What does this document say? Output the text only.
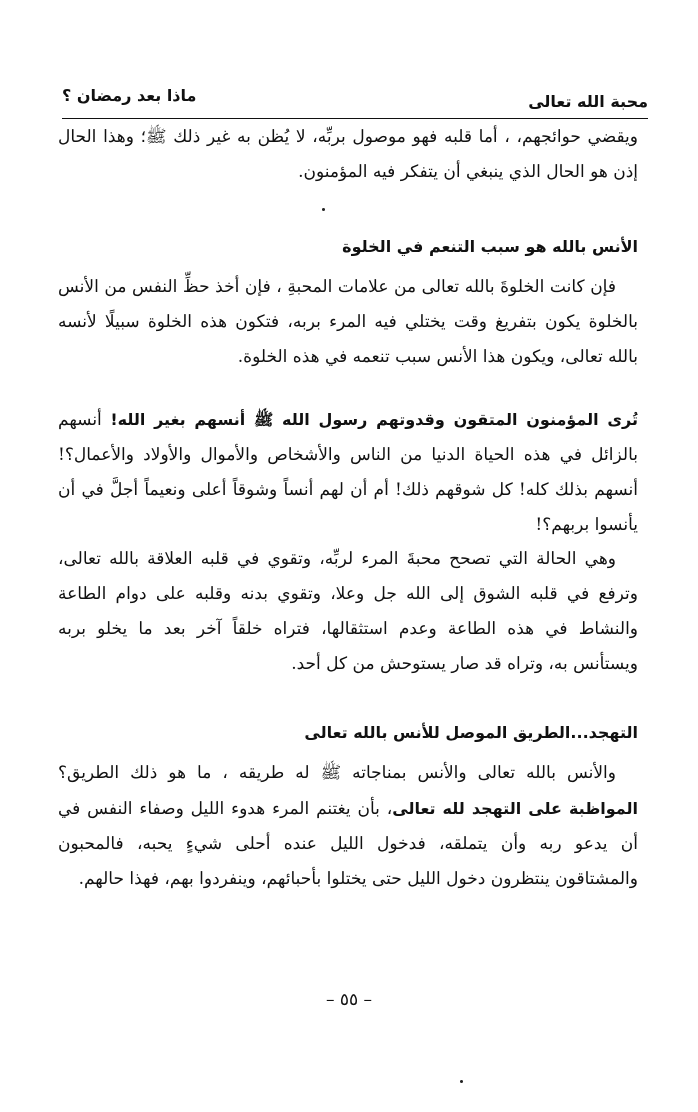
محبة الله تعالى
ماذا بعد رمضان ؟

ويقضي حوائجهم، ، أما قلبه فهو موصول بربِّه، لا يُظن به غير ذلك ﷺ؛ وهذا الحال إذن هو الحال الذي ينبغي أن يتفكر فيه المؤمنون.

الأنس بالله هو سبب التنعم في الخلوة

فإن كانت الخلوةَ بالله تعالى من علامات المحبةِ ، فإن أخذ حظِّ النفس من الأنس بالخلوة يكون بتفريغ وقت يختلي فيه المرء بربه، فتكون هذه الخلوة سبيلًا لأنسه بالله تعالى، ويكون هذا الأنس سبب تنعمه في هذه الخلوة.

تُرى المؤمنون المتقون وقدوتهم رسول الله ﷺ أنسهم بغير الله! أنسهم بالزائل في هذه الحياة الدنيا من الناس والأشخاص والأموال والأولاد والأعمال؟! أنسهم بذلك كله! كل شوقهم ذلك! أم أن لهم أنساً وشوقاً أعلى ونعيماً أجلَّ في أن يأنسوا بربهم؟!

وهي الحالة التي تصحح محبةَ المرء لربِّه، وتقوي في قلبه العلاقة بالله تعالى، وترفع في قلبه الشوق إلى الله جل وعلا، وتقوي بدنه وقلبه على دوام الطاعة والنشاط في هذه الطاعة وعدم استثقالها، فتراه خلقاً آخر بعد ما يخلو بربه ويستأنس به، وتراه قد صار يستوحش من كل أحد.

التهجد...الطريق الموصل للأنس بالله تعالى

والأنس بالله تعالى والأنس بمناجاته ﷺ له طريقه ، ما هو ذلك الطريق؟ المواظبة على التهجد لله تعالى، بأن يغتنم المرء هدوء الليل وصفاء النفس في أن يدعو ربه وأن يتملقه، فدخول الليل عنده أحلى شيءٍ يحبه، فالمحبون والمشتاقون ينتظرون دخول الليل حتى يختلوا بأحبائهم، وينفردوا بهم، فهذا حالهم.

– ٥٥ –
